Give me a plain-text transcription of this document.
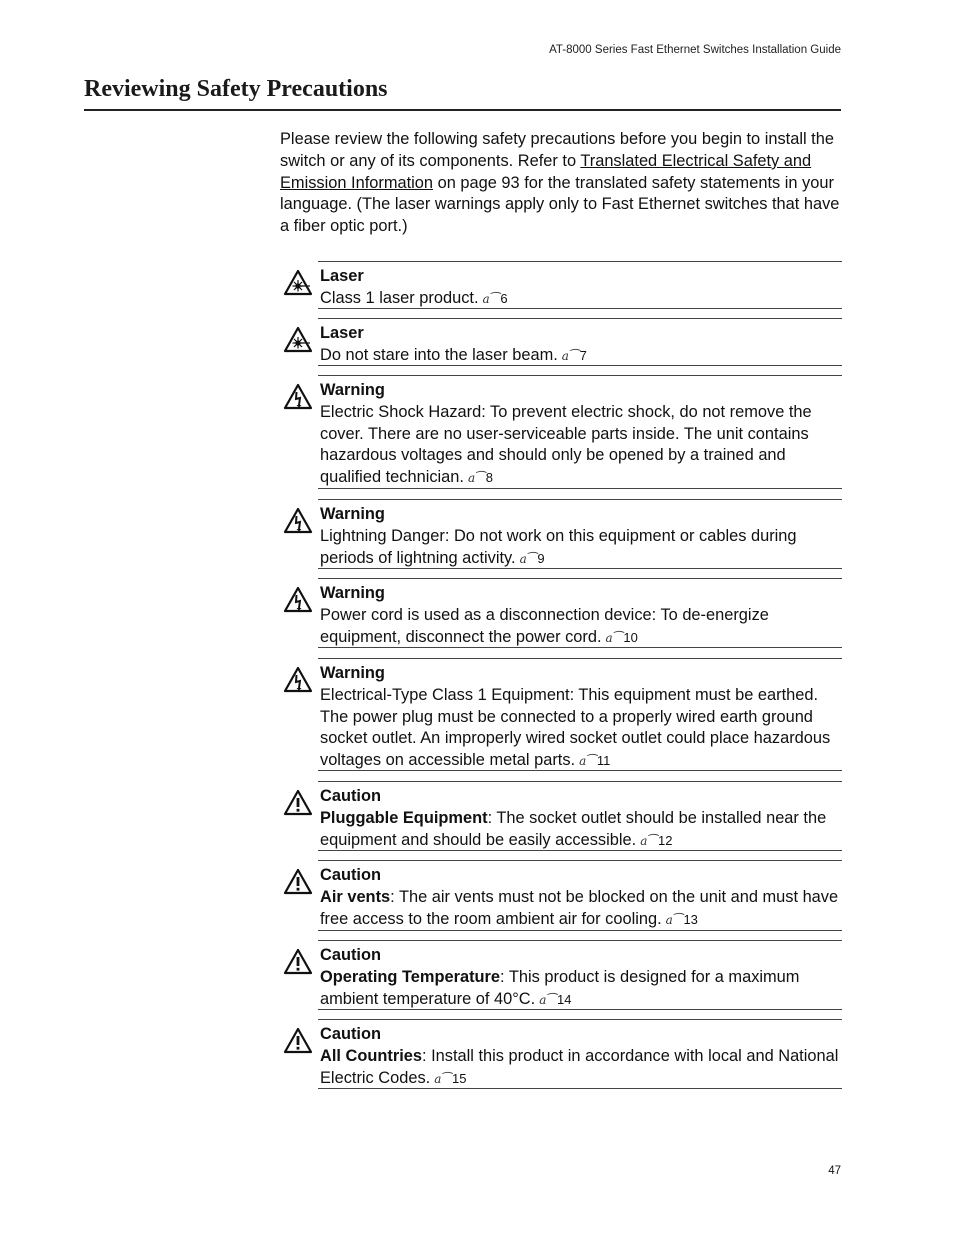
AT-8000 Series Fast Ethernet Switches Installation Guide
Reviewing Safety Precautions

Please review the following safety precautions before you begin to install the switch or any of its components. Refer to Translated Electrical Safety and Emission Information on page 93 for the translated safety statements in your language. (The laser warnings apply only to Fast Ethernet switches that have a fiber optic port.)

Laser
Class 1 laser product. a⁀ 6
Laser
Do not stare into the laser beam. a⁀ 7
Warning
Electric Shock Hazard: To prevent electric shock, do not remove the cover. There are no user-serviceable parts inside. The unit contains hazardous voltages and should only be opened by a trained and qualified technician. a⁀ 8
Warning
Lightning Danger: Do not work on this equipment or cables during periods of lightning activity. a⁀ 9
Warning
Power cord is used as a disconnection device: To de-energize equipment, disconnect the power cord. a⁀ 10
Warning
Electrical-Type Class 1 Equipment: This equipment must be earthed. The power plug must be connected to a properly wired earth ground socket outlet. An improperly wired socket outlet could place hazardous voltages on accessible metal parts. a⁀ 11
Caution
Pluggable Equipment: The socket outlet should be installed near the equipment and should be easily accessible. a⁀ 12
Caution
Air vents: The air vents must not be blocked on the unit and must have free access to the room ambient air for cooling. a⁀ 13
Caution
Operating Temperature: This product is designed for a maximum ambient temperature of 40°C. a⁀ 14
Caution
All Countries: Install this product in accordance with local and National Electric Codes. a⁀ 15
47
